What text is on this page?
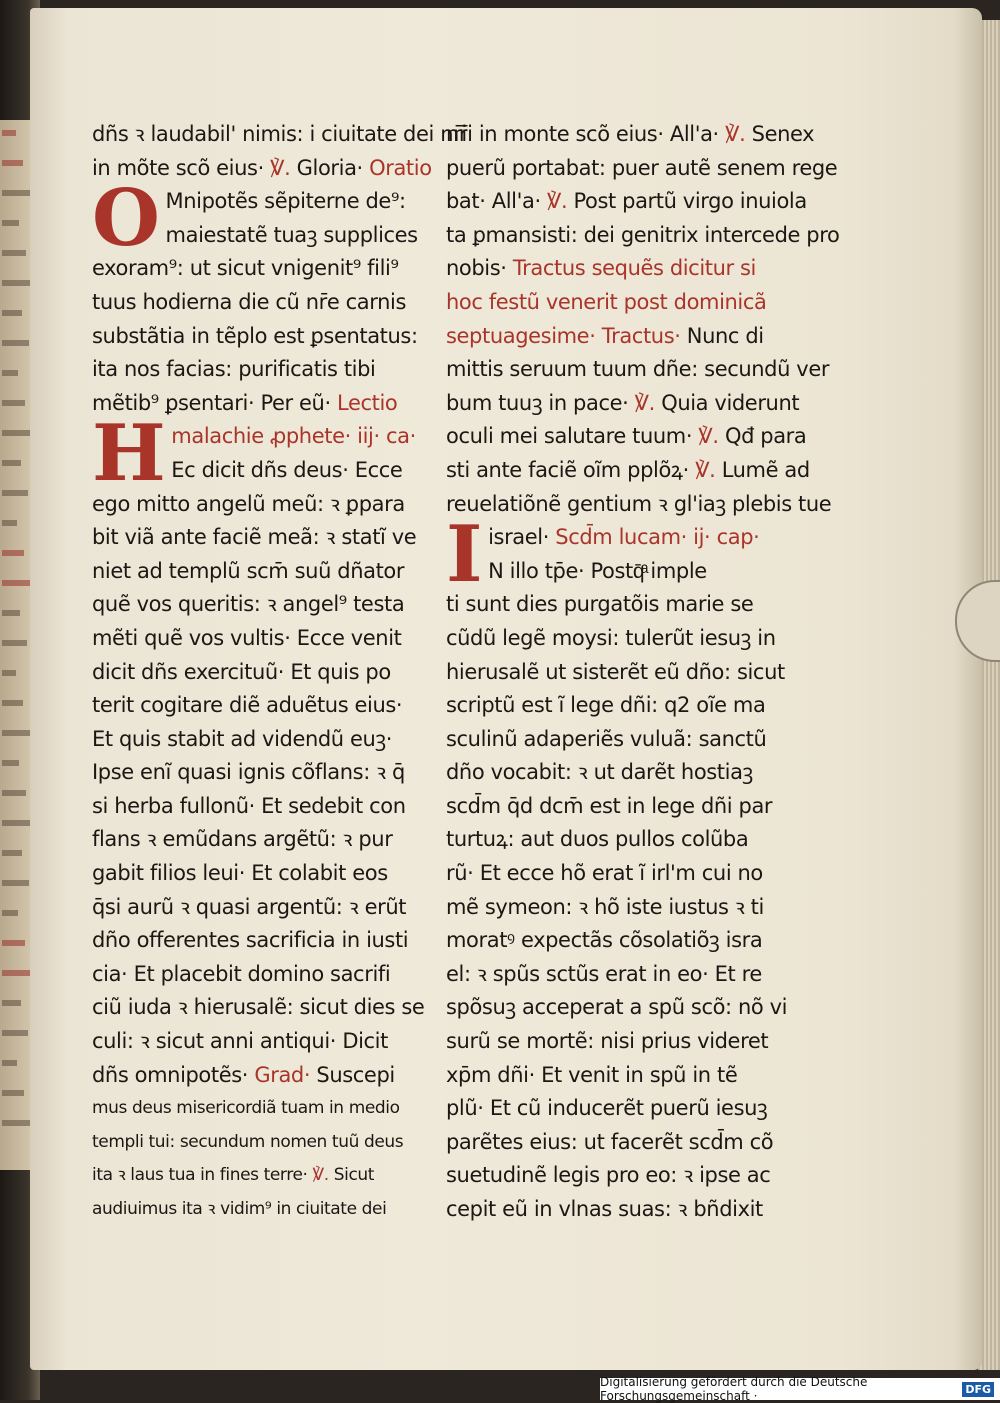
dñs ꝛ laudabil' nimis: i ciuitate dei nr̄i
in mõte scõ eius· ℣. Gloria· Oratio
O Mnipotẽs sẽpiterne de⁹:
maiestatẽ tuaꝫ supplices
exoram⁹: ut sicut vnigenit⁹ fili⁹
tuus hodierna die cũ nr̄e carnis
substãtia in tẽplo est ꝑsentatus:
ita nos facias: purificatis tibi
mẽtib⁹ ꝑsentari· Per eũ· Lectio
H malachie ꝓphete· iij· ca·
Ec dicit dñs deus· Ecce
ego mitto angelũ meũ: ꝛ ꝑpara
bit viã ante faciẽ meã: ꝛ statĩ ve
niet ad templũ scm̄ suũ dñator
quẽ vos queritis: ꝛ angel⁹ testa
mẽti quẽ vos vultis· Ecce venit
dicit dñs exercituũ· Et quis po
terit cogitare diẽ aduẽtus eius·
Et quis stabit ad videndũ euꝫ·
Ipse enĩ quasi ignis cõflans: ꝛ q̄
si herba fullonũ· Et sedebit con
flans ꝛ emũdans argẽtũ: ꝛ pur
gabit filios leui· Et colabit eos
q̄si aurũ ꝛ quasi argentũ: ꝛ erũt
dño offerentes sacrificia in iusti
cia· Et placebit domino sacrifi
ciũ iuda ꝛ hierusalẽ: sicut dies se
culi: ꝛ sicut anni antiqui· Dicit
dñs omnipotẽs· Grad· Suscepi
mus deus misericordiã tuam in medio
templi tui: secundum nomen tuũ deus
ita ꝛ laus tua in fines terre· ℣. Sicut
audiuimus ita ꝛ vidim⁹ in ciuitate dei
nr̄i in monte scõ eius· All'a· ℣. Senex
puerũ portabat: puer autẽ senem rege
bat· All'a· ℣. Post partũ virgo inuiola
ta ꝑmansisti: dei genitrix intercede pro
nobis· Tractus sequẽs dicitur si
hoc festũ venerit post dominicã
septuagesime· Tractus· Nunc di
mittis seruum tuum dñe: secundũ ver
bum tuuꝫ in pace· ℣. Quia viderunt
oculi mei salutare tuum· ℣. Qđ para
sti ante faciẽ oĩm pplõꝝ· ℣. Lumẽ ad
reuelatiõnẽ gentium ꝛ gl'iaꝫ plebis tue
I israel· Scd̄m lucam· ij· cap·
N illo tp̄e· Postq̄ͣ imple
ti sunt dies purgatõis marie se
cũdũ legẽ moysi: tulerũt iesuꝫ in
hierusalẽ ut sisterẽt eũ dño: sicut
scriptũ est ĩ lege dñi: q2 oĩe ma
sculinũ adaperiẽs vuluã: sanctũ
dño vocabit: ꝛ ut darẽt hostiaꝫ
scd̄m q̄d dcm̄ est in lege dñi par
turtuꝝ: aut duos pullos colũba
rũ· Et ecce hõ erat ĩ irl'm cui no
mẽ symeon: ꝛ hõ iste iustus ꝛ ti
moratꝰ expectãs cõsolatiõꝫ isra
el: ꝛ spũs sctũs erat in eo· Et re
spõsuꝫ acceperat a spũ scõ: nõ vi
surũ se mortẽ: nisi prius videret
xp̄m dñi· Et venit in spũ in tẽ
plũ· Et cũ inducerẽt puerũ iesuꝫ
parẽtes eius: ut facerẽt scd̄m cõ
suetudinẽ legis pro eo: ꝛ ipse ac
cepit eũ in vlnas suas: ꝛ bñdixit
Digitalisierung gefördert durch die Deutsche Forschungsgemeinschaft ·	DFG
